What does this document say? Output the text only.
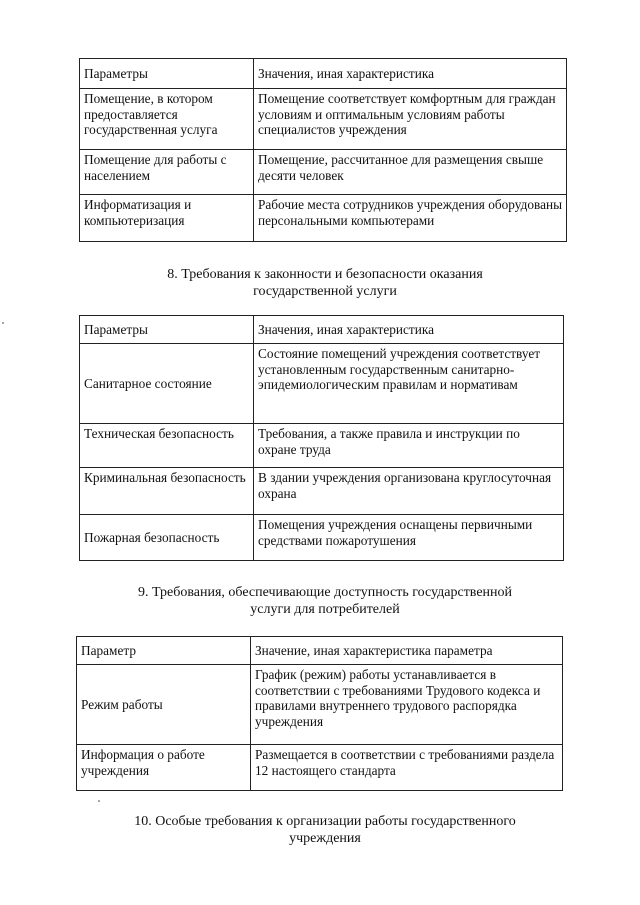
Параметры	Значения, иная характеристика
Помещение, в котором предоставляется государственная услуга	Помещение соответствует комфортным для граждан условиям и оптимальным условиям работы специалистов учреждения
Помещение для работы с населением	Помещение, рассчитанное для размещения свыше десяти человек
Информатизация и компьютеризация	Рабочие места сотрудников учреждения оборудованы персональными компьютерами
8. Требования к законности и безопасности оказания
государственной услуги
Параметры	Значения, иная характеристика
Санитарное состояние	Состояние помещений учреждения соответствует установленным государственным санитарно-эпидемиологическим правилам и нормативам
Техническая безопасность	Требования, а также правила и инструкции по охране труда
Криминальная безопасность	В здании учреждения организована круглосуточная охрана
Пожарная безопасность	Помещения учреждения оснащены первичными средствами пожаротушения
9. Требования, обеспечивающие доступность государственной
услуги для потребителей
Параметр	Значение, иная характеристика параметра
Режим работы	График (режим) работы устанавливается в соответствии с требованиями Трудового кодекса и правилами внутреннего трудового распорядка учреждения
Информация о работе учреждения	Размещается в соответствии с требованиями раздела 12 настоящего стандарта
10. Особые требования к организации работы государственного
учреждения
